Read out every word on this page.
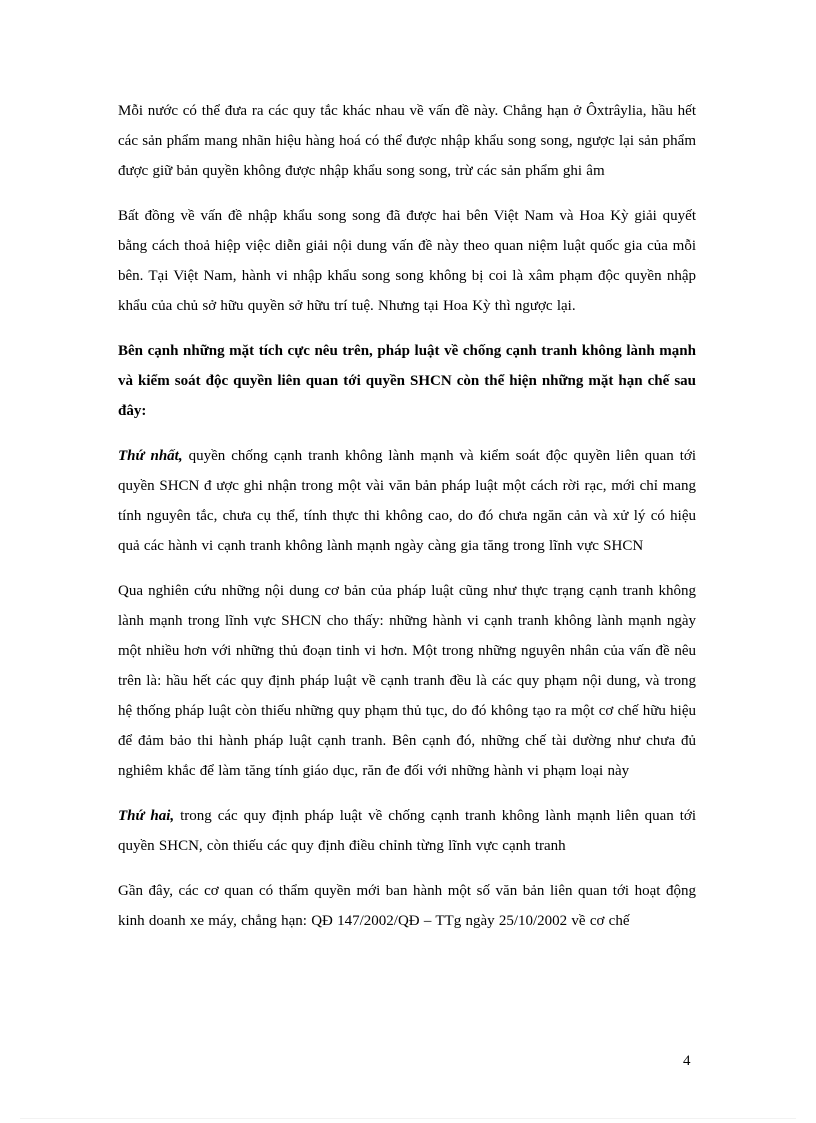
Mỗi nước có thể đưa ra các quy tắc khác nhau về vấn đề này. Chẳng hạn ở Ôxtrâylia, hầu hết các sản phẩm mang nhãn hiệu hàng hoá có thể được nhập khẩu song song, ngược lại sản phẩm được giữ bản quyền không được nhập khẩu song song, trừ các sản phẩm ghi âm

Bất đồng về vấn đề nhập khẩu song song đã được hai bên Việt Nam và Hoa Kỳ giải quyết bằng cách thoả hiệp việc diễn giải nội dung vấn đề này theo quan niệm luật quốc gia của mỗi bên. Tại Việt Nam, hành vi nhập khẩu song song không bị coi là xâm phạm độc quyền nhập khẩu của chủ sở hữu quyền sở hữu trí tuệ. Nhưng tại Hoa Kỳ thì ngược lại.

Bên cạnh những mặt tích cực nêu trên, pháp luật về chống cạnh tranh không lành mạnh và kiểm soát độc quyền liên quan tới quyền SHCN còn thể hiện những mặt hạn chế sau đây:

Thứ nhất, quyền chống cạnh tranh không lành mạnh và kiểm soát độc quyền liên quan tới quyền SHCN đ ược ghi nhận trong một vài văn bản pháp luật một cách rời rạc, mới chỉ mang tính nguyên tắc, chưa cụ thể, tính thực thi không cao, do đó chưa ngăn cản và xử lý có hiệu quả các hành vi cạnh tranh không lành mạnh ngày càng gia tăng trong lĩnh vực SHCN

Qua nghiên cứu những nội dung cơ bản của pháp luật cũng như thực trạng cạnh tranh không lành mạnh trong lĩnh vực SHCN cho thấy: những hành vi cạnh tranh không lành mạnh ngày một nhiều hơn với những thủ đoạn tinh vi hơn. Một trong những nguyên nhân của vấn đề nêu trên là: hầu hết các quy định pháp luật về cạnh tranh đều là các quy phạm nội dung, và trong hệ thống pháp luật còn thiếu những quy phạm thủ tục, do đó không tạo ra một cơ chế hữu hiệu để đảm bảo thi hành pháp luật cạnh tranh. Bên cạnh đó, những chế tài dường như chưa đủ nghiêm khắc để làm tăng tính giáo dục, răn đe đối với những hành vi phạm loại này

Thứ hai, trong các quy định pháp luật về chống cạnh tranh không lành mạnh liên quan tới quyền SHCN, còn thiếu các quy định điều chỉnh từng lĩnh vực cạnh tranh

Gần đây, các cơ quan có thẩm quyền mới ban hành một số văn bản liên quan tới hoạt động kinh doanh xe máy, chẳng hạn: QĐ 147/2002/QĐ – TTg ngày 25/10/2002 về cơ chế

4
